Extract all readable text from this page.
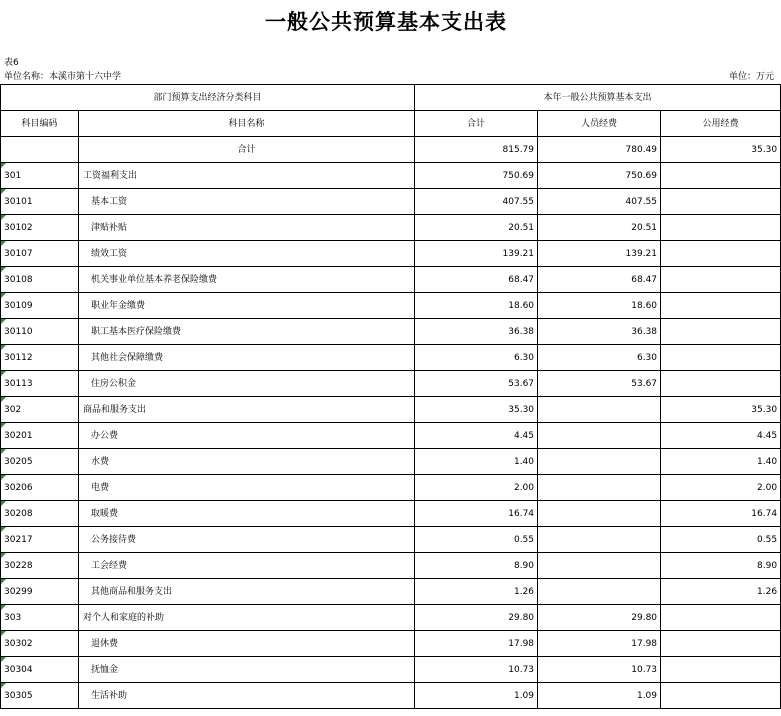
一般公共预算基本支出表
表6
单位名称：本溪市第十六中学	单位：万元
部门预算支出经济分类科目		本年一般公共预算基本支出		
科目编码	科目名称	合计	人员经费	公用经费
	合计	815.79	780.49	35.30
301	工资福利支出	750.69	750.69	
30101	基本工资	407.55	407.55	
30102	津贴补贴	20.51	20.51	
30107	绩效工资	139.21	139.21	
30108	机关事业单位基本养老保险缴费	68.47	68.47	
30109	职业年金缴费	18.60	18.60	
30110	职工基本医疗保险缴费	36.38	36.38	
30112	其他社会保障缴费	6.30	6.30	
30113	住房公积金	53.67	53.67	
302	商品和服务支出	35.30		35.30
30201	办公费	4.45		4.45
30205	水费	1.40		1.40
30206	电费	2.00		2.00
30208	取暖费	16.74		16.74
30217	公务接待费	0.55		0.55
30228	工会经费	8.90		8.90
30299	其他商品和服务支出	1.26		1.26
303	对个人和家庭的补助	29.80	29.80	
30302	退休费	17.98	17.98	
30304	抚恤金	10.73	10.73	
30305	生活补助	1.09	1.09	
